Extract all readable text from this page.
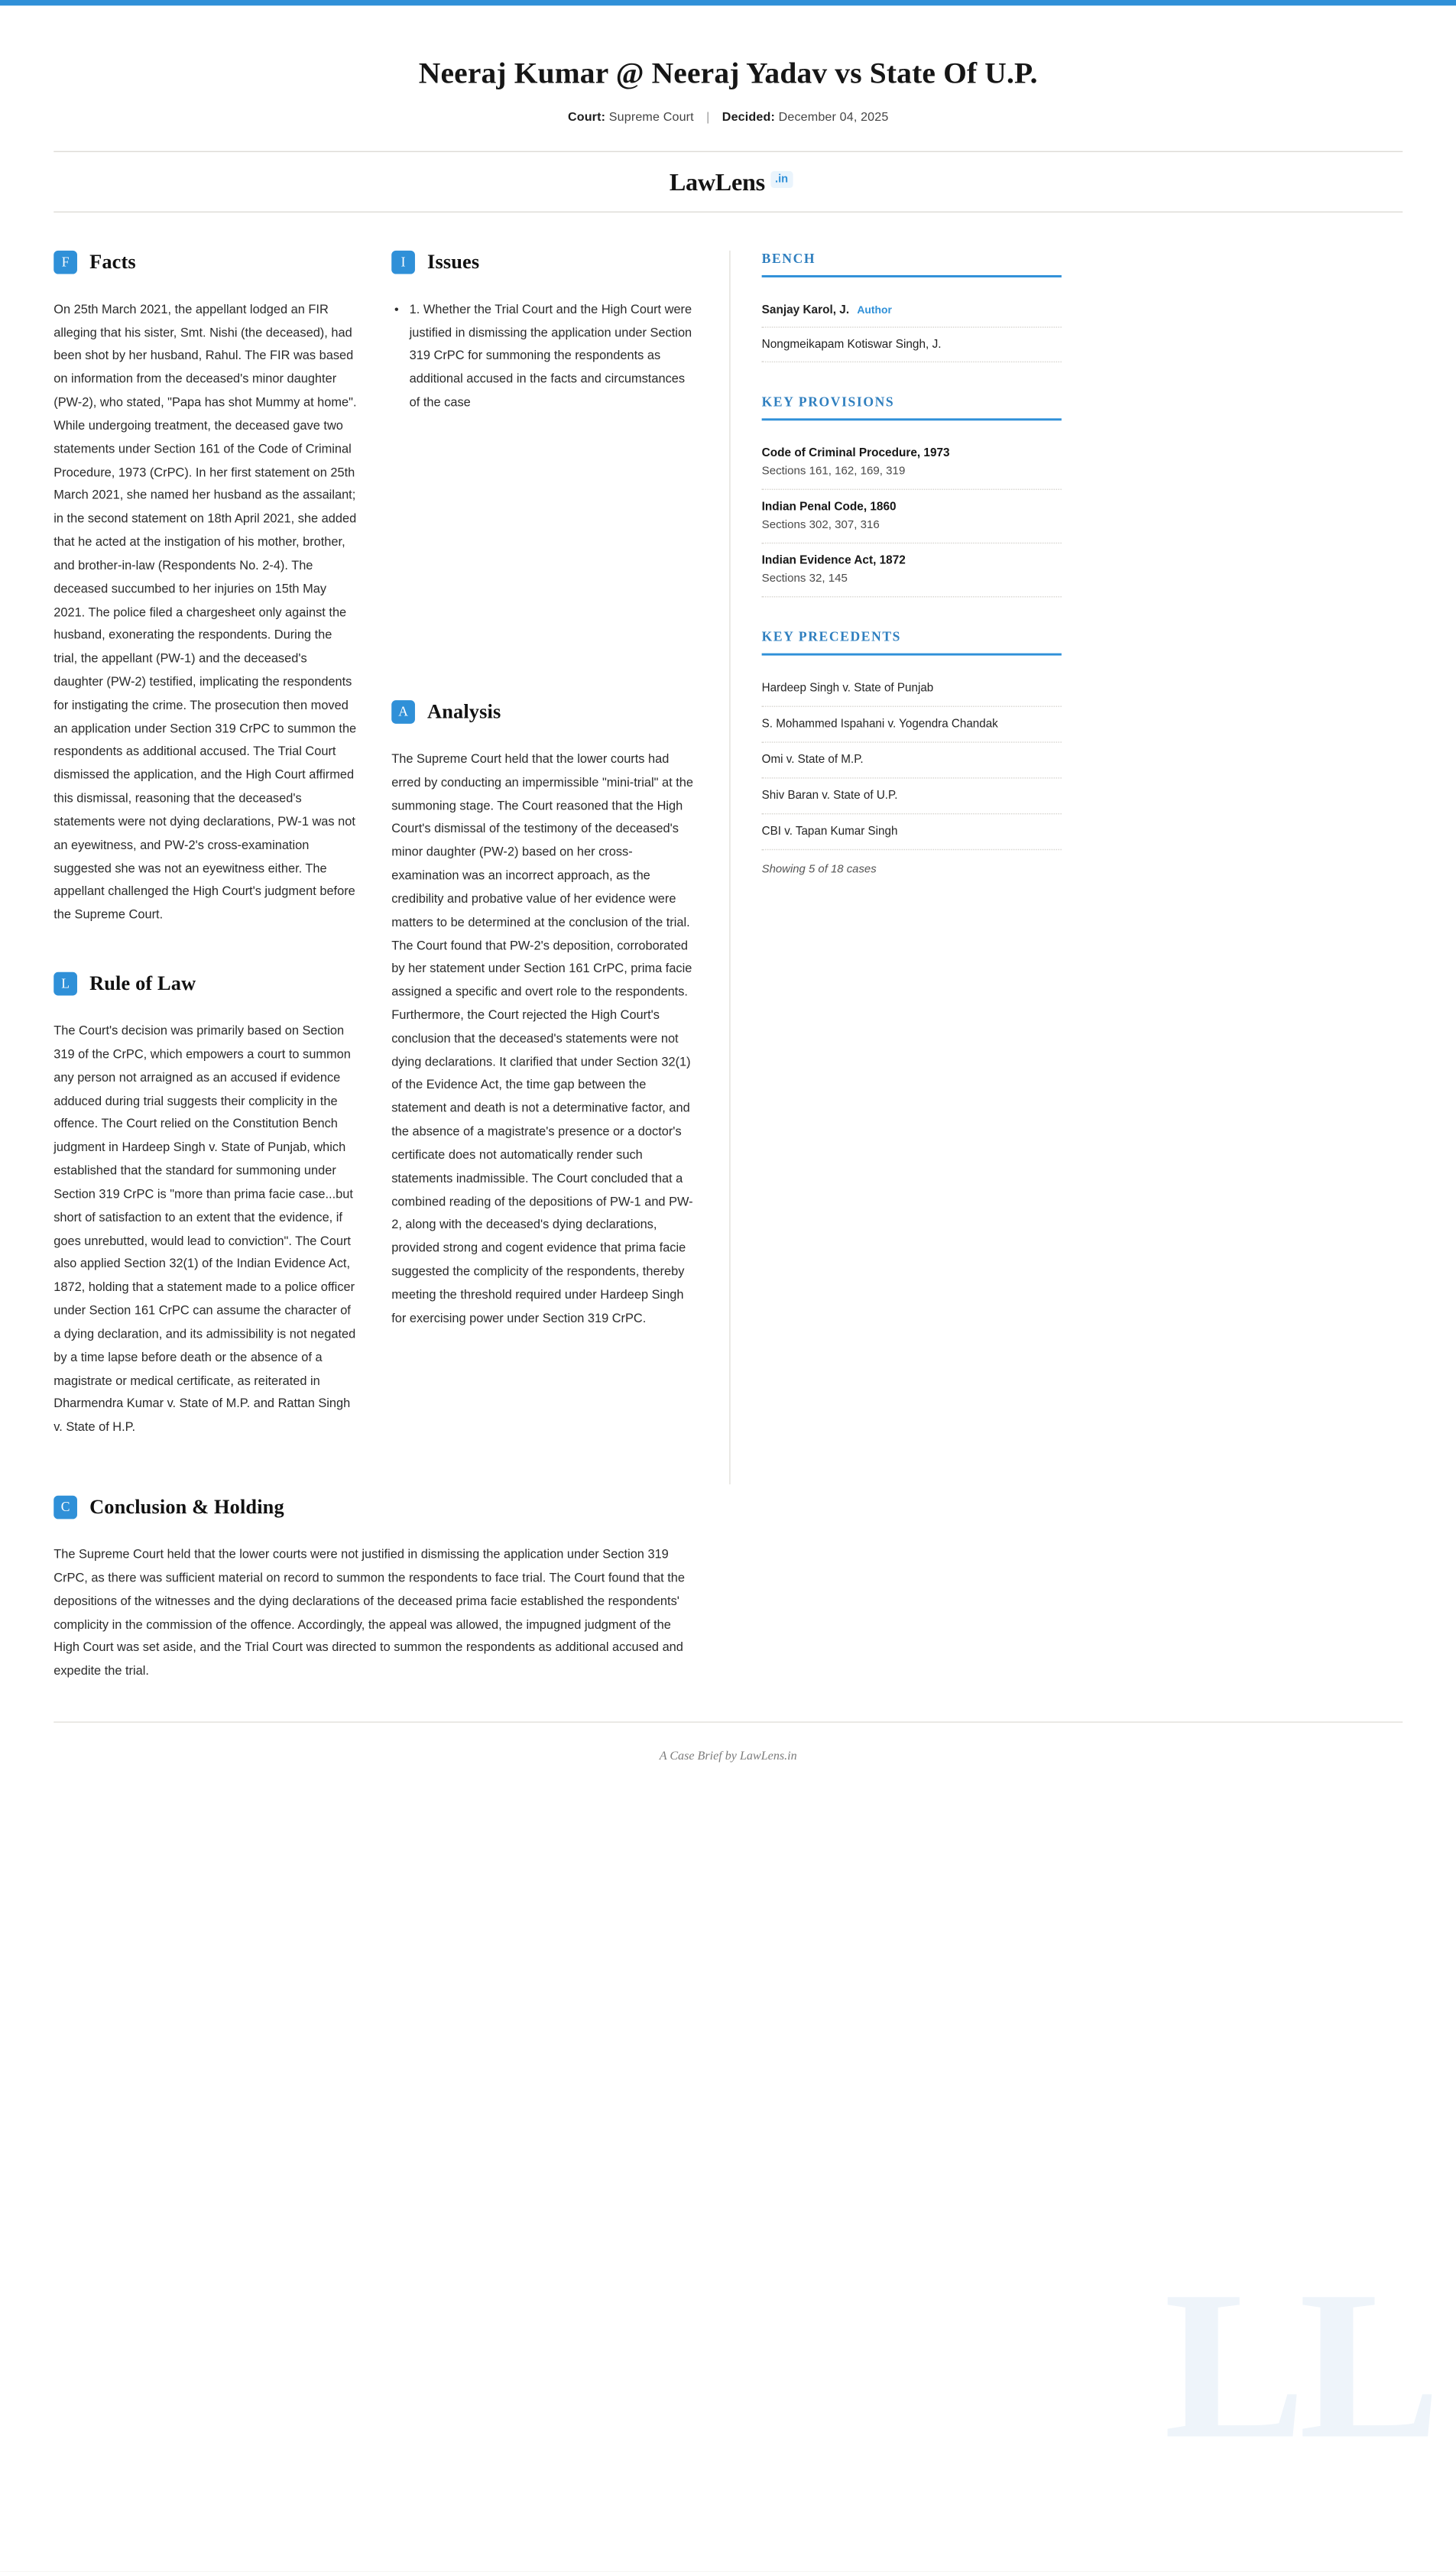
Neeraj Kumar @ Neeraj Yadav vs State Of U.P.
Court: Supreme Court | Decided: December 04, 2025
LawLens $^{.in}$
F	Facts

On 25th March 2021, the appellant lodged an FIR alleging that his sister, Smt. Nishi (the deceased), had been shot by her husband, Rahul. The FIR was based on information from the deceased's minor daughter (PW-2), who stated, "Papa has shot Mummy at home". While undergoing treatment, the deceased gave two statements under Section 161 of the Code of Criminal Procedure, 1973 (CrPC). In her first statement on 25th March 2021, she named her husband as the assailant; in the second statement on 18th April 2021, she added that he acted at the instigation of his mother, brother, and brother-in-law (Respondents No. 2-4). The deceased succumbed to her injuries on 15th May 2021. The police filed a chargesheet only against the husband, exonerating the respondents. During the trial, the appellant (PW-1) and the deceased's daughter (PW-2) testified, implicating the respondents for instigating the crime. The prosecution then moved an application under Section 319 CrPC to summon the respondents as additional accused. The Trial Court dismissed the application, and the High Court affirmed this dismissal, reasoning that the deceased's statements were not dying declarations, PW-1 was not an eyewitness, and PW-2's cross-examination suggested she was not an eyewitness either. The appellant challenged the High Court's judgment before the Supreme Court.

L	Rule of Law

The Court's decision was primarily based on Section 319 of the CrPC, which empowers a court to summon any person not arraigned as an accused if evidence adduced during trial suggests their complicity in the offence. The Court relied on the Constitution Bench judgment in Hardeep Singh v. State of Punjab, which established that the standard for summoning under Section 319 CrPC is "more than prima facie case...but short of satisfaction to an extent that the evidence, if goes unrebutted, would lead to conviction". The Court also applied Section 32(1) of the Indian Evidence Act, 1872, holding that a statement made to a police officer under Section 161 CrPC can assume the character of a dying declaration, and its admissibility is not negated by a time lapse before death or the absence of a magistrate or medical certificate, as reiterated in Dharmendra Kumar v. State of M.P. and Rattan Singh v. State of H.P.

I	Issues
• 1. Whether the Trial Court and the High Court were justified in dismissing the application under Section 319 CrPC for summoning the respondents as additional accused in the facts and circumstances of the case
A	Analysis

The Supreme Court held that the lower courts had erred by conducting an impermissible "mini-trial" at the summoning stage. The Court reasoned that the High Court's dismissal of the testimony of the deceased's minor daughter (PW-2) based on her cross-examination was an incorrect approach, as the credibility and probative value of her evidence were matters to be determined at the conclusion of the trial. The Court found that PW-2's deposition, corroborated by her statement under Section 161 CrPC, prima facie assigned a specific and overt role to the respondents. Furthermore, the Court rejected the High Court's conclusion that the deceased's statements were not dying declarations. It clarified that under Section 32(1) of the Evidence Act, the time gap between the statement and death is not a determinative factor, and the absence of a magistrate's presence or a doctor's certificate does not automatically render such statements inadmissible. The Court concluded that a combined reading of the depositions of PW-1 and PW-2, along with the deceased's dying declarations, provided strong and cogent evidence that prima facie suggested the complicity of the respondents, thereby meeting the threshold required under Hardeep Singh for exercising power under Section 319 CrPC.

BENCH
Sanjay Karol, J. Author
Nongmeikapam Kotiswar Singh, J.
KEY PROVISIONS
Code of Criminal Procedure, 1973
Sections 161, 162, 169, 319
Indian Penal Code, 1860
Sections 302, 307, 316
Indian Evidence Act, 1872
Sections 32, 145
KEY PRECEDENTS
Hardeep Singh v. State of Punjab
S. Mohammed Ispahani v. Yogendra Chandak
Omi v. State of M.P.
Shiv Baran v. State of U.P.
CBI v. Tapan Kumar Singh
Showing 5 of 18 cases
C	Conclusion & Holding

The Supreme Court held that the lower courts were not justified in dismissing the application under Section 319 CrPC, as there was sufficient material on record to summon the respondents to face trial. The Court found that the depositions of the witnesses and the dying declarations of the deceased prima facie established the respondents' complicity in the commission of the offence. Accordingly, the appeal was allowed, the impugned judgment of the High Court was set aside, and the Trial Court was directed to summon the respondents as additional accused and expedite the trial.

LL
A Case Brief by LawLens.in
